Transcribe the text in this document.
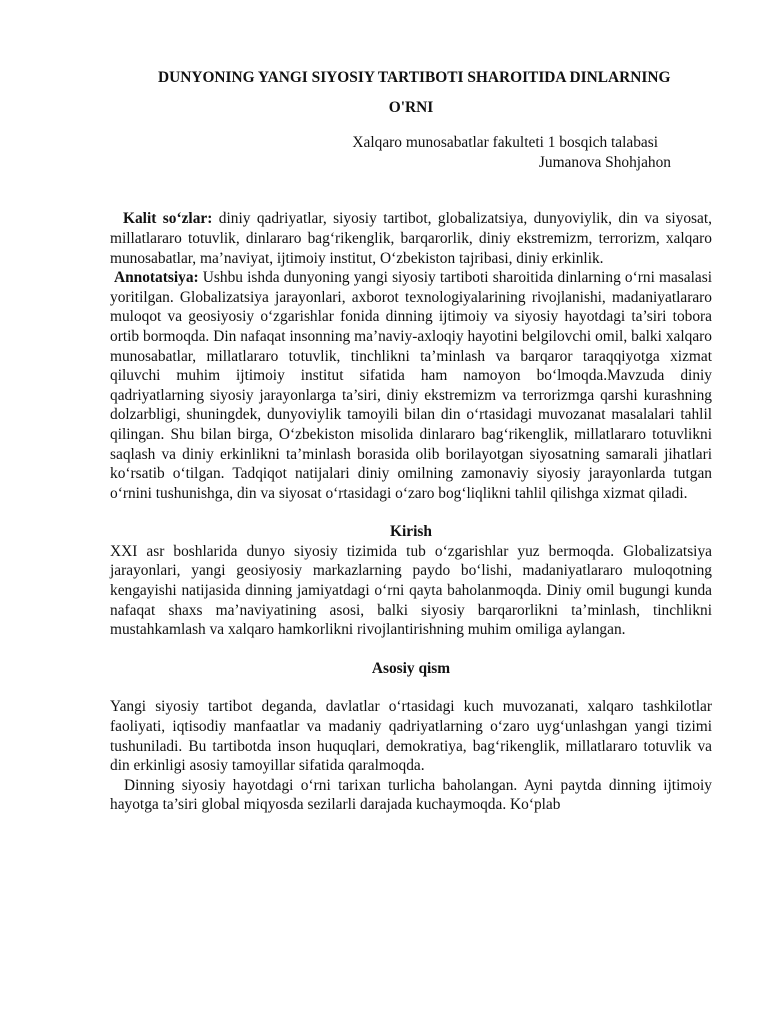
DUNYONING YANGI SIYOSIY TARTIBOTI SHAROITIDA DINLARNING

O'RNI

Xalqaro munosabatlar fakulteti 1 bosqich talabasi
Jumanova Shohjahon

Kalit so‘zlar: diniy qadriyatlar, siyosiy tartibot, globalizatsiya, dunyoviylik, din va siyosat, millatlararo totuvlik, dinlararo bag‘rikenglik, barqarorlik, diniy ekstremizm, terrorizm, xalqaro munosabatlar, ma’naviyat, ijtimoiy institut, O‘zbekiston tajribasi, diniy erkinlik.

Annotatsiya: Ushbu ishda dunyoning yangi siyosiy tartiboti sharoitida dinlarning o‘rni masalasi yoritilgan. Globalizatsiya jarayonlari, axborot texnologiyalarining rivojlanishi, madaniyatlararo muloqot va geosiyosiy o‘zgarishlar fonida dinning ijtimoiy va siyosiy hayotdagi ta’siri tobora ortib bormoqda. Din nafaqat insonning ma’naviy-axloqiy hayotini belgilovchi omil, balki xalqaro munosabatlar, millatlararo totuvlik, tinchlikni ta’minlash va barqaror taraqqiyotga xizmat qiluvchi muhim ijtimoiy institut sifatida ham namoyon bo‘lmoqda.Mavzuda diniy qadriyatlarning siyosiy jarayonlarga ta’siri, diniy ekstremizm va terrorizmga qarshi kurashning dolzarbligi, shuningdek, dunyoviylik tamoyili bilan din o‘rtasidagi muvozanat masalalari tahlil qilingan. Shu bilan birga, O‘zbekiston misolida dinlararo bag‘rikenglik, millatlararo totuvlikni saqlash va diniy erkinlikni ta’minlash borasida olib borilayotgan siyosatning samarali jihatlari ko‘rsatib o‘tilgan. Tadqiqot natijalari diniy omilning zamonaviy siyosiy jarayonlarda tutgan o‘rnini tushunishga, din va siyosat o‘rtasidagi o‘zaro bog‘liqlikni tahlil qilishga xizmat qiladi.

Kirish

XXI asr boshlarida dunyo siyosiy tizimida tub o‘zgarishlar yuz bermoqda. Globalizatsiya jarayonlari, yangi geosiyosiy markazlarning paydo bo‘lishi, madaniyatlararo muloqotning kengayishi natijasida dinning jamiyatdagi o‘rni qayta baholanmoqda. Diniy omil bugungi kunda nafaqat shaxs ma’naviyatining asosi, balki siyosiy barqarorlikni ta’minlash, tinchlikni mustahkamlash va xalqaro hamkorlikni rivojlantirishning muhim omiliga aylangan.

Asosiy qism

Yangi siyosiy tartibot deganda, davlatlar o‘rtasidagi kuch muvozanati, xalqaro tashkilotlar faoliyati, iqtisodiy manfaatlar va madaniy qadriyatlarning o‘zaro uyg‘unlashgan yangi tizimi tushuniladi. Bu tartibotda inson huquqlari, demokratiya, bag‘rikenglik, millatlararo totuvlik va din erkinligi asosiy tamoyillar sifatida qaralmoqda.

Dinning siyosiy hayotdagi o‘rni tarixan turlicha baholangan. Ayni paytda dinning ijtimoiy hayotga ta’siri global miqyosda sezilarli darajada kuchaymoqda. Ko‘plab
